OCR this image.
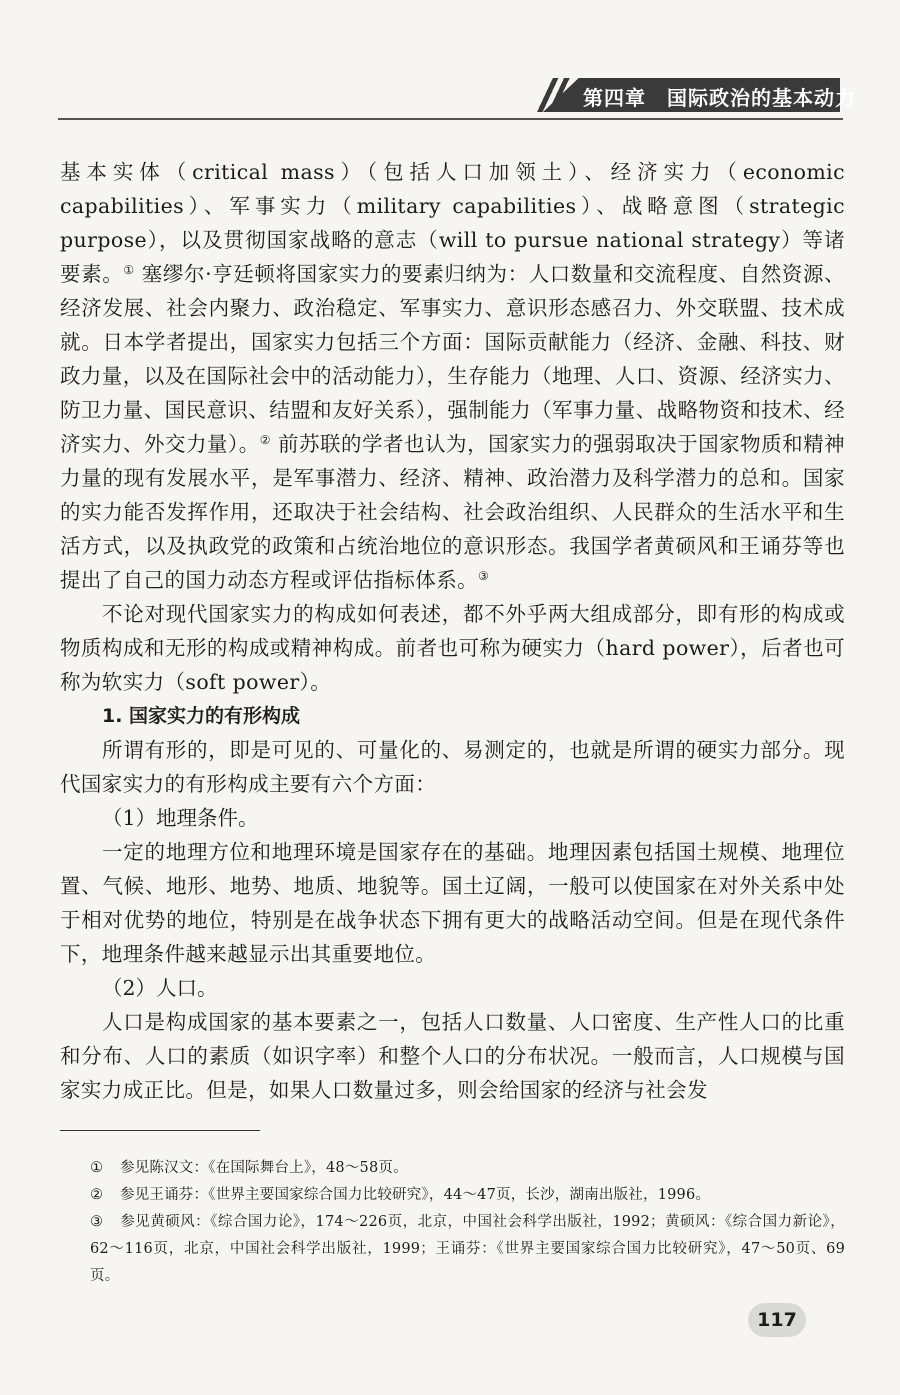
第四章　国际政治的基本动力

基本实体（critical mass）（包括人口加领土）、经济实力（economic capabilities）、军事实力（military capabilities）、战略意图（strategic purpose），以及贯彻国家战略的意志（will to pursue national strategy）等诸要素。① 塞缪尔·亨廷顿将国家实力的要素归纳为：人口数量和交流程度、自然资源、经济发展、社会内聚力、政治稳定、军事实力、意识形态感召力、外交联盟、技术成就。日本学者提出，国家实力包括三个方面：国际贡献能力（经济、金融、科技、财政力量，以及在国际社会中的活动能力），生存能力（地理、人口、资源、经济实力、防卫力量、国民意识、结盟和友好关系），强制能力（军事力量、战略物资和技术、经济实力、外交力量）。② 前苏联的学者也认为，国家实力的强弱取决于国家物质和精神力量的现有发展水平，是军事潜力、经济、精神、政治潜力及科学潜力的总和。国家的实力能否发挥作用，还取决于社会结构、社会政治组织、人民群众的生活水平和生活方式，以及执政党的政策和占统治地位的意识形态。我国学者黄硕风和王诵芬等也提出了自己的国力动态方程或评估指标体系。③

不论对现代国家实力的构成如何表述，都不外乎两大组成部分，即有形的构成或物质构成和无形的构成或精神构成。前者也可称为硬实力（hard power），后者也可称为软实力（soft power）。

1. 国家实力的有形构成

所谓有形的，即是可见的、可量化的、易测定的，也就是所谓的硬实力部分。现代国家实力的有形构成主要有六个方面：

（1）地理条件。

一定的地理方位和地理环境是国家存在的基础。地理因素包括国土规模、地理位置、气候、地形、地势、地质、地貌等。国土辽阔，一般可以使国家在对外关系中处于相对优势的地位，特别是在战争状态下拥有更大的战略活动空间。但是在现代条件下，地理条件越来越显示出其重要地位。

（2）人口。

人口是构成国家的基本要素之一，包括人口数量、人口密度、生产性人口的比重和分布、人口的素质（如识字率）和整个人口的分布状况。一般而言，人口规模与国家实力成正比。但是，如果人口数量过多，则会给国家的经济与社会发

① 参见陈汉文：《在国际舞台上》，48～58页。

② 参见王诵芬：《世界主要国家综合国力比较研究》，44～47页，长沙，湖南出版社，1996。

③ 参见黄硕风：《综合国力论》，174～226页，北京，中国社会科学出版社，1992；黄硕风：《综合国力新论》，62～116页，北京，中国社会科学出版社，1999；王诵芬：《世界主要国家综合国力比较研究》，47～50页、69页。

117
